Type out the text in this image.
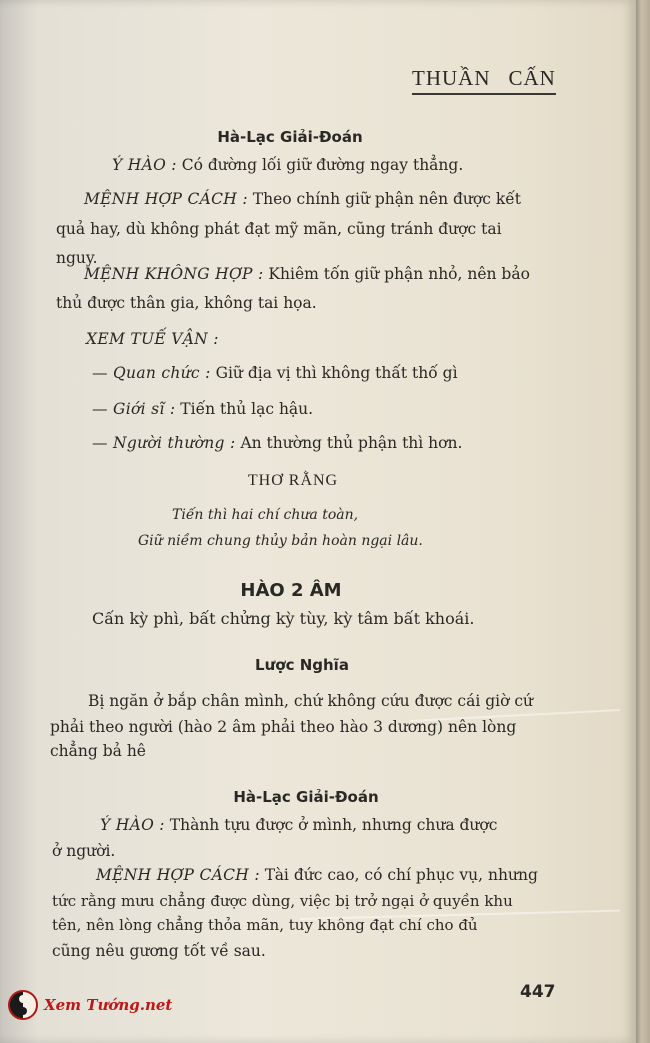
THUẦN CẤN
Hà-Lạc Giải-Đoán
Ý HÀO : Có đường lối giữ đường ngay thẳng.
MỆNH HỢP CÁCH : Theo chính giữ phận nên được kết
quả hay, dù không phát đạt mỹ mãn, cũng tránh được tai
nguy.
MỆNH KHÔNG HỢP : Khiêm tốn giữ phận nhỏ, nên bảo
thủ được thân gia, không tai họa.
XEM TUẾ VẬN :
— Quan chức : Giữ địa vị thì không thất thố gì
— Giới sĩ : Tiến thủ lạc hậu.
— Người thường : An thường thủ phận thì hơn.
THƠ RẰNG
Tiến thì hai chí chưa toàn,
Giữ niềm chung thủy bản hoàn ngại lâu.
HÀO 2 ÂM
Cấn kỳ phì, bất chửng kỳ tùy, kỳ tâm bất khoái.
Lược Nghĩa
Bị ngăn ở bắp chân mình, chứ không cứu được cái giờ cứ
phải theo người (hào 2 âm phải theo hào 3 dương) nên lòng
chẳng bả hê
Hà-Lạc Giải-Đoán
Ý HÀO : Thành tựu được ở mình, nhưng chưa được
ở người.
MỆNH HỢP CÁCH : Tài đức cao, có chí phục vụ, nhưng
tức rằng mưu chẳng được dùng, việc bị trở ngại ở quyền khu
tên, nên lòng chẳng thỏa mãn, tuy không đạt chí cho đủ
cũng nêu gương tốt về sau.
447
Xem Tướng.net
